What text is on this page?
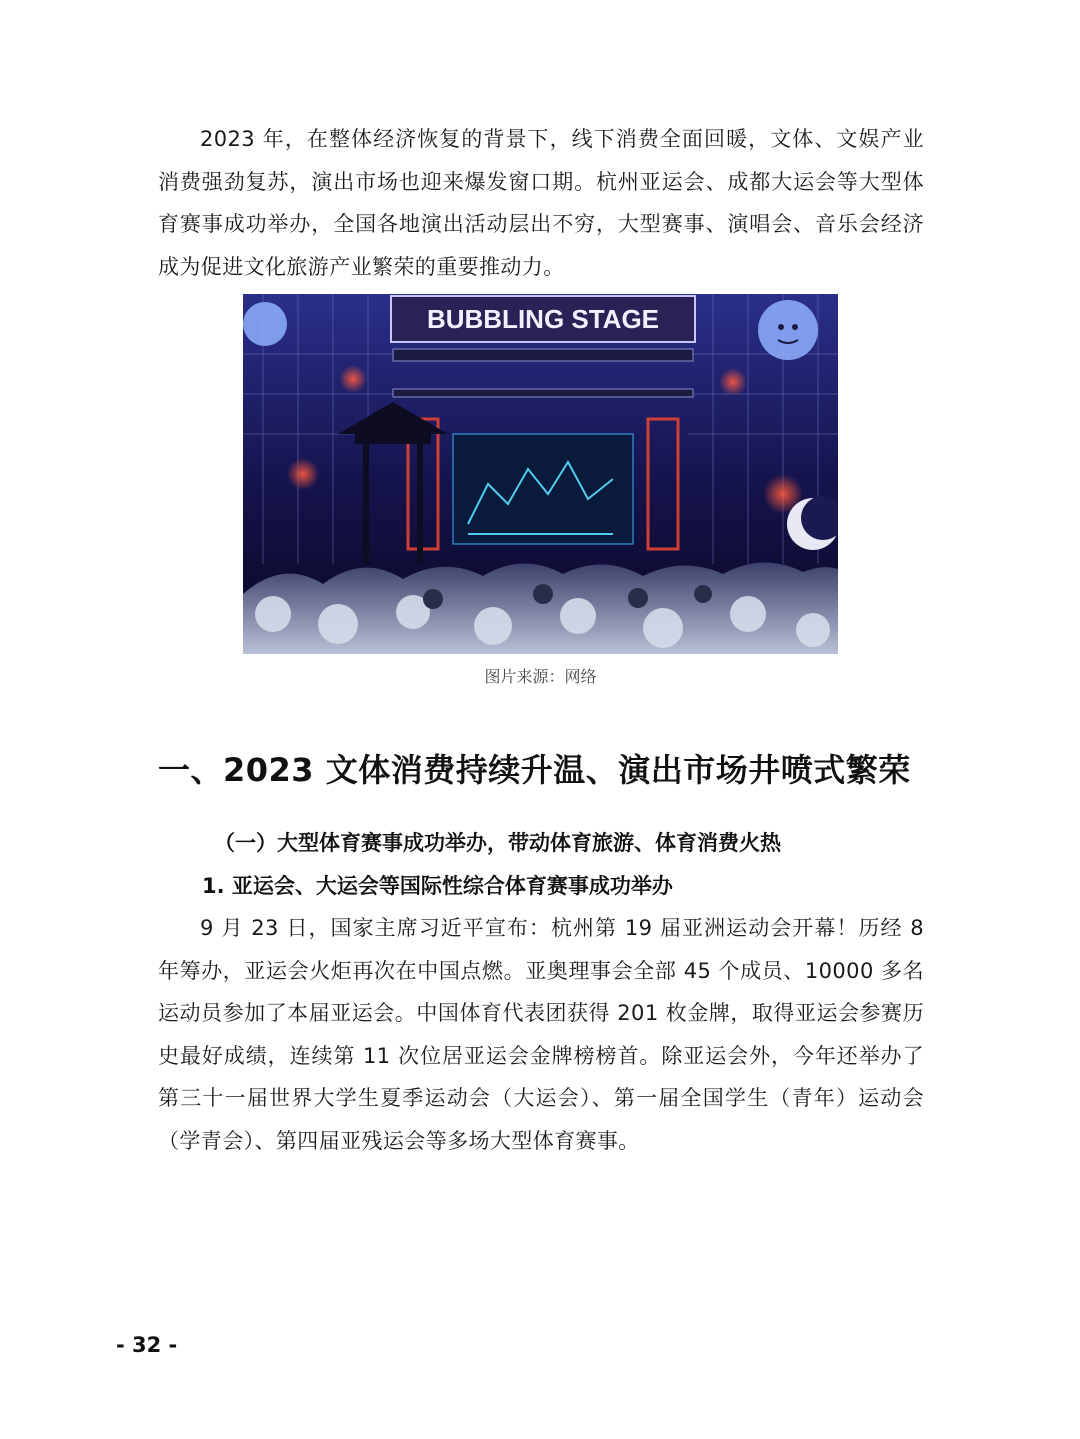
2023 年，在整体经济恢复的背景下，线下消费全面回暖，文体、文娱产业消费强劲复苏，演出市场也迎来爆发窗口期。杭州亚运会、成都大运会等大型体育赛事成功举办，全国各地演出活动层出不穷，大型赛事、演唱会、音乐会经济成为促进文化旅游产业繁荣的重要推动力。

BUBBLING STAGE
图片来源：网络
一、2023 文体消费持续升温、演出市场井喷式繁荣
（一）大型体育赛事成功举办，带动体育旅游、体育消费火热
1. 亚运会、大运会等国际性综合体育赛事成功举办

9 月 23 日，国家主席习近平宣布：杭州第 19 届亚洲运动会开幕！历经 8 年筹办，亚运会火炬再次在中国点燃。亚奥理事会全部 45 个成员、10000 多名运动员参加了本届亚运会。中国体育代表团获得 201 枚金牌，取得亚运会参赛历史最好成绩，连续第 11 次位居亚运会金牌榜榜首。除亚运会外，今年还举办了第三十一届世界大学生夏季运动会（大运会）、第一届全国学生（青年）运动会（学青会）、第四届亚残运会等多场大型体育赛事。

- 32 -
